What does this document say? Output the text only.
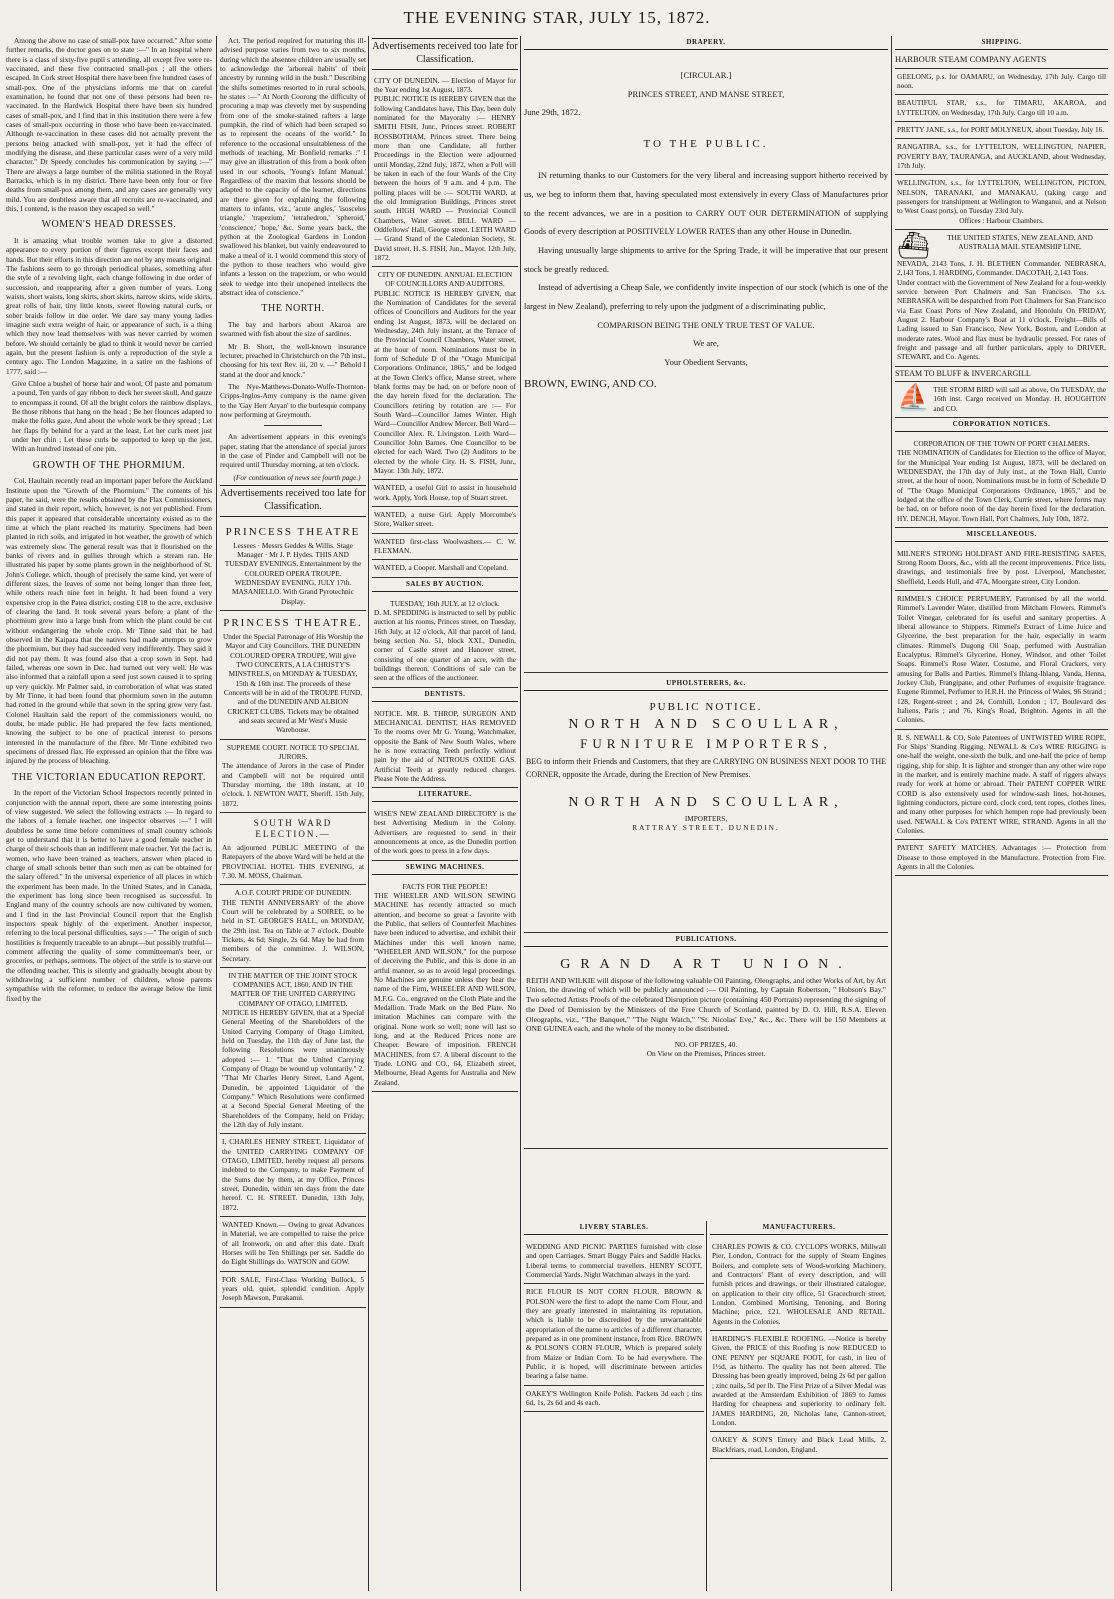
THE EVENING STAR, JULY 15, 1872.

Among the above no case of small-pox have occurred." After some further remarks, the doctor goes on to state :—" In an hospital where there is a class of sixty-five pupil s attending, all except five were re-vaccinated, and these five contracted small-pox ; all the others escaped. In Cork street Hospital there have been five hundred cases of small-pox. One of the physicians informs me that on careful examination, he found that not one of these persons had been re-vaccinated. In the Hardwick Hospital there have been six hundred cases of small-pox, and I find that in this institution there were a few cases of small-pox occurring in those who have been re-vaccinated. Although re-vaccination in these cases did not actually prevent the persons being attacked with small-pox, yet it had the effect of modifying the disease, and these particular cases were of a very mild character." Dr Speedy concludes his communication by saying :—" There are always a large number of the militia stationed in the Royal Barracks, which is in my district. There have been only four or five deaths from small-pox among them, and any cases are generally very mild. You are doubtless aware that all recruits are re-vaccinated, and this, I contend, is the reason they escaped so well."

WOMEN'S HEAD DRESSES.

It is amazing what trouble women take to give a distorted appearance to every portion of their figures except their faces and hands. But their efforts in this direction are not by any means original. The fashions seem to go through periodical phases, something after the style of a revolving light, each change following in due order of succession, and reappearing after a given number of years. Long waists, short waists, long skirts, short skirts, narrow skirts, wide skirts, great rolls of hair, tiny little knots, sweet flowing natural curls, or sober braids follow in due order. We dare say many young ladies imagine such extra weight of hair, or appearance of such, is a thing which they now lead themselves with was never carried by women before. We should certainly be glad to think it would never be carried again, but the present fashion is only a reproduction of the style a century ago. The London Magazine, in a satire on the fashions of 1777, said :—

Give Chloe a bushel of horse hair and wool, Of paste and pomatum a pound, Ten yards of gay ribbon to deck her sweet skull, And gauze to encompass it round. Of all the bright colors the rainbow displays, Be those ribbons that hang on the head ; Be her flounces adapted to make the folks gaze, And about the whole work be they spread ; Let her flaps fly behind for a yard at the least, Let her curls meet just under her chin ; Let these curls be supported to keep up the jest, With an hundred instead of one pin.

GROWTH OF THE PHORMIUM.

Col. Haultain recently read an important paper before the Auckland Institute upon the "Growth of the Phormium." The contents of his paper, he said, were the results obtained by the Flax Commissioners, and stated in their report, which, however, is not yet published. From this paper it appeared that considerable uncertainty existed as to the time at which the plant reached its maturity. Specimens had been planted in rich soils, and irrigated in hot weather, the growth of which was extremely slow. The general result was that it flourished on the banks of rivers and in gullies through which a stream ran. He illustrated his paper by some plants grown in the neighborhood of St. John's College, which, though of precisely the same kind, yet were of different sizes, the leaves of some not being longer than three feet, while others reach nine feet in height. It had been found a very expensive crop in the Patea district, costing £18 to the acre, exclusive of clearing the land. It took several years before a plant of the phormium grew into a large bush from which the plant could be cut without endangering the whole crop. Mr Tinne said that he had observed in the Kaipara that the natives had made attempts to grow the phormium, but they had succeeded very indifferently. They said it did not pay them. It was found also that a crop sown in Sept. had failed, whereas one sown in Dec. had turned out very well. He was also informed that a rainfall upon a seed just sown caused it to spring up very quickly. Mr Palmer said, in corroboration of what was stated by Mr Tinne, it had been found that phormium sown in the autumn had rotted in the ground while that sown in the spring grew very fast. Colonel Haultain said the report of the commissioners would, no doubt, be made public. He had prepared the few facts mentioned, knowing the subject to be one of practical interest to persons interested in the manufacture of the fibre. Mr Tinne exhibited two specimens of dressed flax. He expressed an opinion that the fibre was injured by the process of bleaching.

THE VICTORIAN EDUCATION REPORT.

In the report of the Victorian School Inspectors recently printed in conjunction with the annual report, there are some interesting points of view suggested. We select the following extracts :— In regard to the labors of a female teacher, one inspector observes :—" I will doubtless be some time before committees of small country schools get to understand that it is better to have a good female teacher in charge of their schools than an indifferent male teacher. Yet the fact is, women, who have been trained as teachers, answer when placed in charge of small schools better than such men as can be obtained for the salary offered." In the universal experience of all places in which the experiment has been made. In the United States, and in Canada, the experiment has long since been recognised as successful. In England many of the country schools are now cultivated by women, and I find in the last Provincial Council report that the English inspectors speak highly of the experiment. Another inspector, referring to the local personal difficulties, says :—" The origin of such hostilities is frequently traceable to an abrupt—but possibly truthful—comment affecting the quality of some committeeman's beer, or groceries, or perhaps, sermons. The object of the strife is to starve out the offending teacher. This is silently and gradually brought about by withdrawing a sufficient number of children, whose parents sympathise with the reformer, to reduce the average below the limit fixed by the

Act. The period required for maturing this ill-advised purpose varies from two to six months, during which the absentee children are usually set to acknowledge the 'arboreal habits' of their ancestry by running wild in the bush." Describing the shifts sometimes resorted to in rural schools, he states :—" At North Coorong the difficulty of procuring a map was cleverly met by suspending from one of the smoke-stained rafters a large pumpkin, the rind of which had been scraped so as to represent the oceans of the world." In reference to the occasional unsuitableness of the methods of teaching, Mr Bonfield remarks :" I may give an illustration of this from a book often used in our schools, 'Young's Infant Manual.' Regardless of the maxim that lessons should be adapted to the capacity of the learner, directions are there given for explaining the following matters to infants, viz., 'acute angles,' 'isosceles triangle,' 'trapezium,' 'tetrahedron,' 'spheroid,' 'conscience,' 'hope,' &c. Some years back, the python at the Zoological Gardens in London swallowed his blanket, but vainly endeavoured to make a meal of it. I would commend this story of the python to those teachers who would give infants a lesson on the trapezium, or who would seek to wedge into their unopened intellects the abstract idea of conscience."

THE NORTH.

The bay and harbors about Akaroa are swarmed with fish about the size of sardines.

Mr B. Short, the well-known insurance lecturer, preached in Christchurch on the 7th inst., choosing for his text Rev. iii, 20 v. —" Behold I stand at the door and knock."

The Nye-Matthews-Donato-Wolfe-Thornton-Cripps-Inglos-Amy company is the name given to the 'Gay Herr Aryan' to the burlesque company now performing at Greymouth.

An advertisement appears in this evening's paper, stating that the attendance of special jurors in the case of Pinder and Campbell will not be required until Thursday morning, at ten o'clock.

(For continuation of news see fourth page.)

Advertisements received too late for Classification.
PRINCESS THEATRE
Lessees · Messrs Geddes & Willis. Stage Manager · Mr J. P. Hydes. THIS AND TUESDAY EVENINGS, Entertainment by the COLOURED OPERA TROUPE. WEDNESDAY EVENING, JULY 17th. MASANIELLO. With Grand Pyrotechnic Display.
PRINCESS THEATRE.
Under the Special Patronage of His Worship the Mayor and City Councillors. THE DUNEDIN COLOURED OPERA TROUPE, Will give TWO CONCERTS, A LA CHRISTY'S MINSTRELS, on MONDAY & TUESDAY, 15th & 16th inst. The proceeds of these Concerts will be in aid of the TROUPE FUND, and of the DUNEDIN AND ALBION CRICKET CLUBS. Tickets may be obtained and seats secured at Mr West's Music Warehouse.
SUPREME COURT. NOTICE TO SPECIAL JURORS.
The attendance of Jurors in the case of Pinder and Campbell will not be required until Thursday morning, the 18th instant, at 10 o'clock. I. NEWTON WATT, Sheriff. 15th July, 1872.
SOUTH WARD ELECTION.—
An adjourned PUBLIC MEETING of the Ratepayers of the above Ward will be held at the PROVINCIAL HOTEL THIS EVENING, at 7.30. M. MOSS, Chairman.
A.O.F. COURT PRIDE OF DUNEDIN.
THE TENTH ANNIVERSARY of the above Court will be celebrated by a SOIREE, to be held in ST. GEORGE'S HALL, on MONDAY, the 29th inst. Tea on Table at 7 o'clock. Double Tickets, 4s 6d; Single, 2s 6d. May be had from members of the committee. J. WILSON, Secretary.
IN THE MATTER OF THE JOINT STOCK COMPANIES ACT, 1860, AND IN THE MATTER OF THE UNITED CARRYING COMPANY OF OTAGO, LIMITED.
NOTICE IS HEREBY GIVEN, that at a Special General Meeting of the Shareholders of the United Carrying Company of Otago Limited, held on Tuesday, the 11th day of June last, the following Resolutions were unanimously adopted :— 1. "That the United Carrying Company of Otago be wound up voluntarily." 2. "That Mr Charles Henry Street, Land Agent, Dunedin, be appointed Liquidator of the Company." Which Resolutions were confirmed at a Second Special General Meeting of the Shareholders of the Company, held on Friday, the 12th day of July instant.
I, CHARLES HENRY STREET, Liquidator of the UNITED CARRYING COMPANY OF OTAGO, LIMITED, hereby request all persons indebted to the Company, to make Payment of the Sums due by them, at my Office, Princes street, Dunedin, within ten days from the date hereof. C. H. STREET. Dunedin, 13th July, 1872.
WANTED Known.— Owing to great Advances in Material, we are compelled to raise the price of all Ironwork, on and after this date. Draft Horses will be Ten Shillings per set. Saddle do do Eight Shillings do. WATSON and GOW.
FOR SALE, First-Class Working Bullock, 5 years old, quiet, splendid condition. Apply Joseph Mawson, Purakanui.
Advertisements received too late for Classification.
CITY OF DUNEDIN. — Election of Mayor for the Year ending 1st August, 1873.
PUBLIC NOTICE IS HEREBY GIVEN that the following Candidates have, This Day, been duly nominated for the Mayoralty :— HENRY SMITH FISH, Junr., Princes street. ROBERT ROSSBOTHAM, Princes street. There being more than one Candidate, all further Proceedings in the Election were adjourned until Monday, 22nd July, 1872, when a Poll will be taken in each of the four Wards of the City between the hours of 9 a.m. and 4 p.m. The polling places will be :— SOUTH WARD, at the old Immigration Buildings, Princes street south. HIGH WARD — Provincial Council Chambers, Water street. BELL WARD — Oddfellows' Hall, George street. LEITH WARD — Grand Stand of the Caledonian Society, St. David street. H. S. FISH, Jun., Mayor. 12th July, 1872.
CITY OF DUNEDIN. ANNUAL ELECTION OF COUNCILLORS AND AUDITORS.
PUBLIC NOTICE IS HEREBY GIVEN, that the Nomination of Candidates for the several offices of Councillors and Auditors for the year ending 1st August, 1873, will be declared on Wednesday, 24th July instant, at the Terrace of the Provincial Council Chambers, Water street, at the hour of noon. Nominations must be in form of Schedule D of the "Otago Municipal Corporations Ordinance, 1865," and be lodged at the Town Clerk's office, Manse street, where blank forms may be had, on or before noon of the day herein fixed for the declaration. The Councillors retiring by rotation are :— For South Ward—Councillor James Winter. High Ward—Councillor Andrew Mercer. Bell Ward—Councillor Alex. R. Livingston. Leith Ward—Councillor John Barnes. One Councillor to be elected for each Ward. Two (2) Auditors to be elected by the whole City. H. S. FISH, Junr., Mayor. 13th July, 1872.
WANTED, a useful Girl to assist in household work. Apply, York House, top of Stuart street.
WANTED, a nurse Girl. Apply Morcombe's Store, Walker street.
WANTED first-class Woolwashers.— C. W. FLEXMAN.
WANTED, a Cooper. Marshall and Copeland.
SALES BY AUCTION.
TUESDAY, 16th JULY, at 12 o'clock.
D. M. SPEDDING is instructed to sell by public auction at his rooms, Princes street, on Tuesday, 16th July, at 12 o'clock, All that parcel of land, being section No. 51, block XXI., Dunedin, corner of Castle street and Hanover street, consisting of one quarter of an acre, with the buildings thereon. Conditions of sale can be seen at the offices of the auctioneer.
DENTISTS.
NOTICE. MR. B. THROP, SURGEON AND MECHANICAL DENTIST, HAS REMOVED To the rooms over Mr G. Young, Watchmaker, opposite the Bank of New South Wales, where he is now extracting Teeth perfectly without pain by the aid of NITROUS OXIDE GAS. Artificial Teeth at greatly reduced charges. Please Note the Address.
LITERATURE.
WISE'S NEW ZEALAND DIRECTORY is the best Advertising Medium in the Colony. Advertisers are requested to send in their announcements at once, as the Dunedin portion of the work goes to press in a few days.
SEWING MACHINES.
FACTS FOR THE PEOPLE!
THE WHEELER AND WILSON SEWING MACHINE has recently attracted so much attention, and become so great a favorite with the Public, that sellers of Counterfeit Machines have been induced to advertise, and exhibit their Machines under this well known name, "WHEELER AND WILSON," for the purpose of deceiving the Public, and this is done in an artful manner, so as to avoid legal proceedings. No Machines are genuine unless they bear the name of the Firm, WHEELER AND WILSON, M.F.G. Co., engraved on the Cloth Plate and the Medallion. Trade Mark on the Bed Plate. No imitation Machines can compare with the original. None work so well; none will last so long, and at the Reduced Prices none are Cheaper. Beware of imposition. FRENCH MACHINES, from £7. A liberal discount to the Trade. LONG and CO., 64, Elizabeth street, Melbourne, Head Agents for Australia and New Zealand.
DRAPERY.
[CIRCULAR.]
PRINCES STREET, AND MANSE STREET,
June 29th, 1872.
TO THE PUBLIC.
IN returning thanks to our Customers for the very liberal and increasing support hitherto received by us, we beg to inform them that, having speculated most extensively in every Class of Manufactures prior to the recent advances, we are in a position to CARRY OUT OUR DETERMINATION of supplying Goods of every description at POSITIVELY LOWER RATES than any other House in Dunedin.
Having unusually large shipments to arrive for the Spring Trade, it will be imperative that our present stock be greatly reduced.
Instead of advertising a Cheap Sale, we confidently invite inspection of our stock (which is one of the largest in New Zealand), preferring to rely upon the judgment of a discriminating public,
COMPARISON BEING THE ONLY TRUE TEST OF VALUE.
We are,
Your Obedient Servants,
BROWN, EWING, AND CO.
UPHOLSTERERS, &c.
PUBLIC NOTICE.
NORTH AND SCOULLAR,
FURNITURE IMPORTERS,
BEG to inform their Friends and Customers, that they are CARRYING ON BUSINESS NEXT DOOR TO THE CORNER, opposite the Arcade, during the Erection of New Premises.
NORTH AND SCOULLAR,
IMPORTERS,
RATTRAY STREET, DUNEDIN.
PUBLICATIONS.
GRAND ART UNION.
REITH AND WILKIE will dispose of the following valuable Oil Painting, Oleographs, and other Works of Art, by Art Union, the drawing of which will be publicly announced :— Oil Painting, by Captain Robertson, " Hobson's Bay." Two selected Artists Proofs of the celebrated Disruption picture (containing 450 Portraits) representing the signing of the Deed of Demission by the Ministers of the Free Church of Scotland, painted by D. O. Hill, R.S.A. Eleven Oleographs, viz., "The Banquet," "The Night Watch," "St. Nicolas' Eve," &c., &c. There will be 150 Members at ONE GUINEA each, and the whole of the money to be distributed.
NO. OF PRIZES, 40.
On View on the Premises, Princes street.
LIVERY STABLES.
WEDDING AND PICNIC PARTIES furnished with close and open Carriages. Smart Buggy Pairs and Saddle Hacks. Liberal terms to commercial travellers. HENRY SCOTT, Commercial Yards. Night Watchman always in the yard.
RICE FLOUR IS NOT CORN FLOUR. BROWN & POLSON were the first to adopt the name Corn Flour, and they are greatly interested in maintaining its reputation, which is liable to be discredited by the unwarrantable appropriation of the name to articles of a different character, prepared as in one prominent instance, from Rice. BROWN & POLSON'S CORN FLOUR, Which is prepared solely from Maize or Indian Corn. To be had everywhere. The Public, it is hoped, will discriminate between articles bearing a false name.
OAKEY'S Wellington Knife Polish. Packets 3d each ; tins 6d, 1s, 2s 6d and 4s each.
MANUFACTURERS.
CHARLES POWIS & CO. CYCLOPS WORKS, Millwall Pier, London, Contract for the supply of Steam Engines Boilers, and complete sets of Wood-working Machinery, and Contractors' Plant of every description, and will furnish prices and drawings, or their illustrated catalogue, on application to their city office, 51 Gracechurch street, London. Combined Mortising, Tenoning, and Boring Machine; price, £21. WHOLESALE AND RETAIL. Agents in the Colonies.
HARDING'S FLEXIBLE ROOFING. —Notice is hereby Given, the PRICE of this Roofing is now REDUCED to ONE PENNY per SQUARE FOOT, for cash, in lieu of 1½d, as hitherto. The quality has not been altered. The Dressing has been greatly improved, being 2s 6d per gallon ; zinc nails, 5d per lb. The First Prize of a Silver Medal was awarded at the Amsterdam Exhibition of 1869 to James Harding for cheapness and superiority to ordinary felt. JAMES HARDING, 20, Nicholas lane, Cannon-street, London.
OAKEY & SON'S Emery and Black Lead Mills, 2, Blackfriars, road, London, England.
SHIPPING.
HARBOUR STEAM COMPANY AGENTS
GEELONG, p.s. for OAMARU, on Wednesday, 17th July. Cargo till noon.
BEAUTIFUL STAR, s.s., for TIMARU, AKAROA, and LYTTELTON, on Wednesday, 17th July. Cargo till 10 a.m.
PRETTY JANE, s.s., for PORT MOLYNEUX, about Tuesday, July 16.
RANGATIRA, s.s., for LYTTELTON, WELLINGTON, NAPIER, POVERTY BAY, TAURANGA, and AUCKLAND, about Wednesday, 17th July.
WELLINGTON, s.s., for LYTTELTON, WELLINGTON, PICTON, NELSON, TARANAKI, and MANAKAU, (taking cargo and passengers for transhipment at Wellington to Wanganui, and at Nelson to West Coast ports), on Tuesday 23rd July.
Offices : Harbour Chambers.
⛴	THE UNITED STATES, NEW ZEALAND, AND AUSTRALIA MAIL STEAMSHIP LINE.
NEVADA, 2143 Tons, J. H. BLETHEN Commander. NEBRASKA, 2,143 Tons, I. HARDING, Commander. DACOTAH, 2,143 Tons.
Under contract with the Government of New Zealand for a four-weekly service between Port Chalmers and San Francisco. The s.s. NEBRASKA will be despatched from Port Chalmers for San Francisco via East Coast Ports of New Zealand, and Honolulu On FRIDAY, August 2. Harbour Company's Boat at 11 o'clock. Freight—Bills of Lading issued to San Francisco, New York, Boston, and London at moderate rates. Wool and flax must be hydraulic pressed. For rates of freight and passage and all further particulars, apply to DRIVER, STEWART, and Co. Agents.
STEAM TO BLUFF & INVERCARGILL
⛵ THE STORM BIRD will sail as above, On TUESDAY, the 16th inst. Cargo received on Monday. H. HOUGHTON and CO.
CORPORATION NOTICES.
CORPORATION OF THE TOWN OF PORT CHALMERS.
THE NOMINATION of Candidates for Election to the office of Mayor, for the Municipal Year ending 1st August, 1873, will be declared on WEDNESDAY, the 17th day of July inst., at the Town Hall, Currie street, at the hour of noon. Nominations must be in form of Schedule D of "The Otago Municipal Corporations Ordinance, 1865," and be lodged at the office of the Town Clerk, Currie street, where forms may be had, on or before noon of the day herein fixed for the declaration. HY. DENCH, Mayor. Town Hall, Port Chalmers, July 10th, 1872.
MISCELLANEOUS.
MILNER'S STRONG HOLDFAST AND FIRE-RESISTING SAFES, Strong Room Doors, &c., with all the recent improvements. Price lists, drawings, and testimonials free by post. Liverpool, Manchester, Sheffield, Leeds Hull, and 47A, Moorgate street, City London.
RIMMEL'S CHOICE PERFUMERY, Patronised by all the world. Rimmel's Lavender Water, distilled from Mitcham Flowers. Rimmel's Toilet Vinegar, celebrated for its useful and sanitary properties. A liberal allowance to Shippers. Rimmel's Extract of Lime Juice and Glycerine, the best preparation for the hair, especially in warm climates. Rimmel's Dugong Oil Soap, perfumed with Australian Eucalyptus. Rimmel's Glycerine, Honey, Windsor, and other Toilet Soaps. Rimmel's Rose Water, Costume, and Floral Crackers, very amusing for Balls and Parties. Rimmel's Ihlang-Ihlang, Vanda, Henna, Jockey Club, Frangipane, and other Perfumes of exquisite fragrance. Eugene Rimmel, Perfumer to H.R.H. the Princess of Wales, 96 Strand ; 128, Regent-street ; and 24, Cornhill, London ; 17, Boulevard des Italiens, Paris ; and 76, King's Road, Brighton. Agents in all the Colonies.
R. S. NEWALL & CO, Sole Patentees of UNTWISTED WIRE ROPE, For Ships' Standing Rigging. NEWALL & Co's WIRE RIGGING is one-half the weight, one-sixth the bulk, and one-half the price of hemp rigging, ship for ship. It is lighter and stronger than any other wire rope in the market, and is entirely machine made. A staff of riggers always ready for work at home or abroad. Their PATENT COPPER WIRE CORD is also extensively used for window-sash lines, hot-houses, lightning conductors, picture cord, clock cord, tent ropes, clothes lines, and many other purposes for which hempen rope had previously been used. NEWALL & Co's PATENT WIRE, STRAND. Agents in all the Colonies.
PATENT SAFETY MATCHES. Advantages :— Protection from Disease to those employed in the Manufacture. Protection from Fire. Agents in all the Colonies.
